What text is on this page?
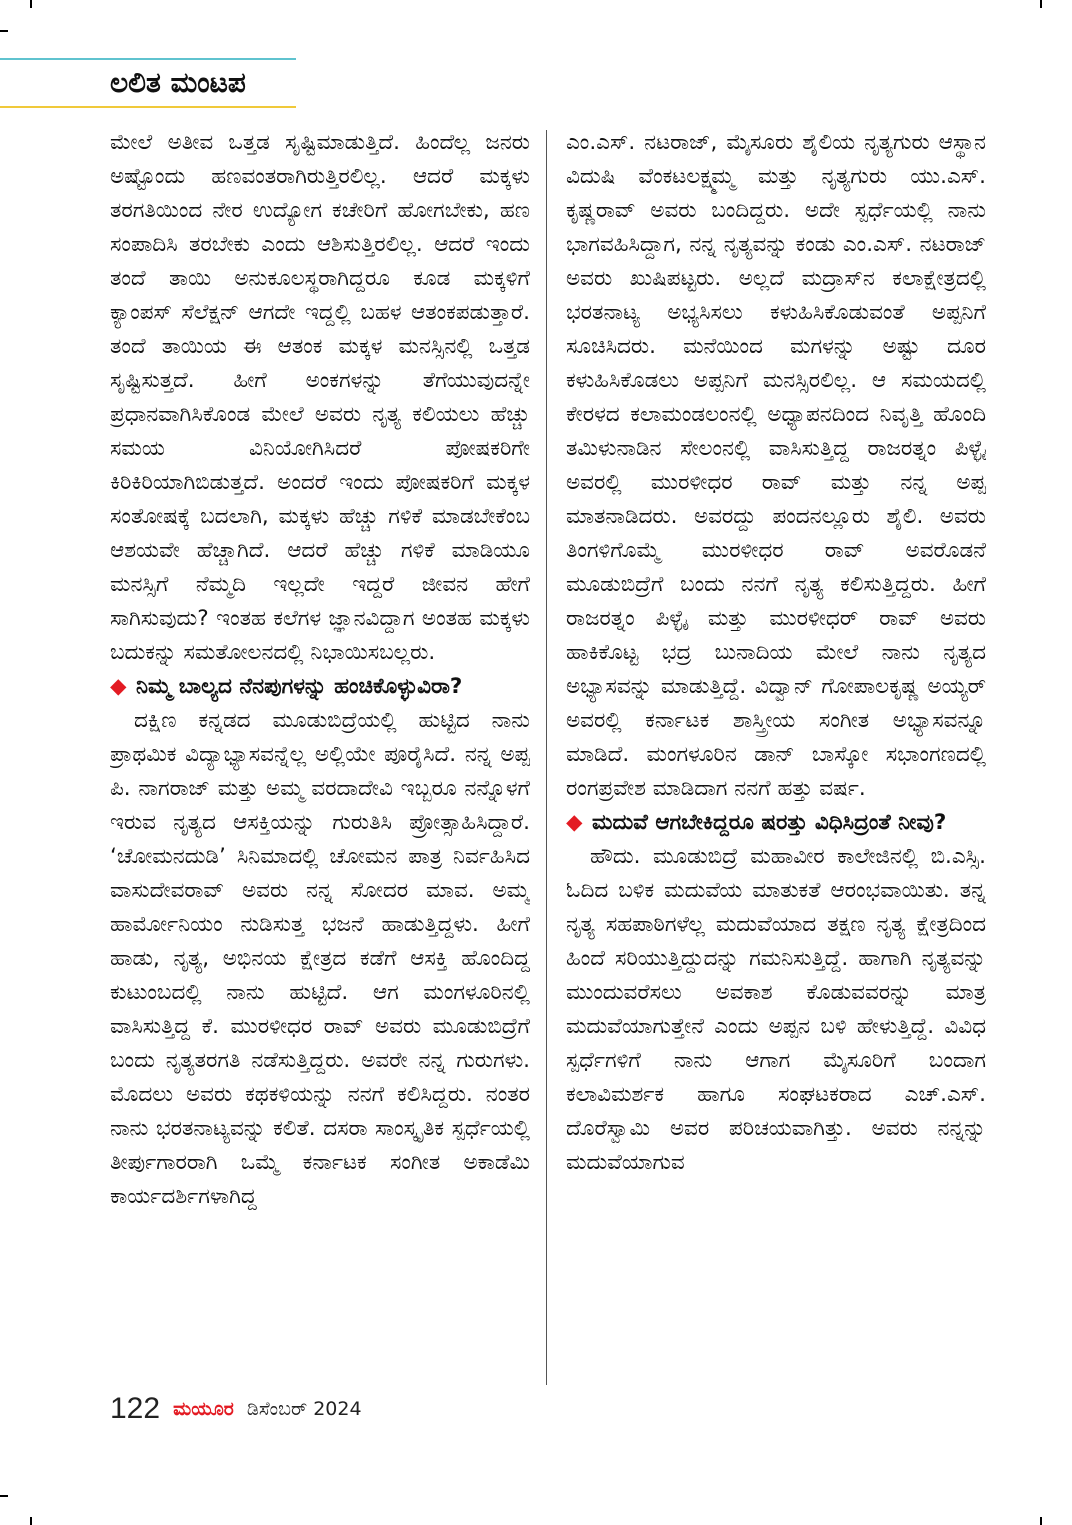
ಲಲಿತ ಮಂಟಪ

ಮೇಲೆ ಅತೀವ ಒತ್ತಡ ಸೃಷ್ಟಿಮಾಡುತ್ತಿದೆ. ಹಿಂದೆಲ್ಲ ಜನರು ಅಷ್ಟೊಂದು ಹಣವಂತರಾಗಿರುತ್ತಿರಲಿಲ್ಲ. ಆದರೆ ಮಕ್ಕಳು ತರಗತಿಯಿಂದ ನೇರ ಉದ್ಯೋಗ ಕಚೇರಿಗೆ ಹೋಗಬೇಕು, ಹಣ ಸಂಪಾದಿಸಿ ತರಬೇಕು ಎಂದು ಆಶಿಸುತ್ತಿರಲಿಲ್ಲ. ಆದರೆ ಇಂದು ತಂದೆ ತಾಯಿ ಅನುಕೂಲಸ್ಥರಾಗಿದ್ದರೂ ಕೂಡ ಮಕ್ಕಳಿಗೆ ಕ್ಯಾಂಪಸ್ ಸೆಲೆಕ್ಷನ್ ಆಗದೇ ಇದ್ದಲ್ಲಿ ಬಹಳ ಆತಂಕಪಡುತ್ತಾರೆ. ತಂದೆ ತಾಯಿಯ ಈ ಆತಂಕ ಮಕ್ಕಳ ಮನಸ್ಸಿನಲ್ಲಿ ಒತ್ತಡ ಸೃಷ್ಟಿಸುತ್ತದೆ. ಹೀಗೆ ಅಂಕಗಳನ್ನು ತೆಗೆಯುವುದನ್ನೇ ಪ್ರಧಾನವಾಗಿಸಿಕೊಂಡ ಮೇಲೆ ಅವರು ನೃತ್ಯ ಕಲಿಯಲು ಹೆಚ್ಚು ಸಮಯ ವಿನಿಯೋಗಿಸಿದರೆ ಪೋಷಕರಿಗೇ ಕಿರಿಕಿರಿಯಾಗಿಬಿಡುತ್ತದೆ. ಅಂದರೆ ಇಂದು ಪೋಷಕರಿಗೆ ಮಕ್ಕಳ ಸಂತೋಷಕ್ಕೆ ಬದಲಾಗಿ, ಮಕ್ಕಳು ಹೆಚ್ಚು ಗಳಿಕೆ ಮಾಡಬೇಕೆಂಬ ಆಶಯವೇ ಹೆಚ್ಚಾಗಿದೆ. ಆದರೆ ಹೆಚ್ಚು ಗಳಿಕೆ ಮಾಡಿಯೂ ಮನಸ್ಸಿಗೆ ನೆಮ್ಮದಿ ಇಲ್ಲದೇ ಇದ್ದರೆ ಜೀವನ ಹೇಗೆ ಸಾಗಿಸುವುದು? ಇಂತಹ ಕಲೆಗಳ ಜ್ಞಾನವಿದ್ದಾಗ ಅಂತಹ ಮಕ್ಕಳು ಬದುಕನ್ನು ಸಮತೋಲನದಲ್ಲಿ ನಿಭಾಯಿಸಬಲ್ಲರು.

◆ ನಿಮ್ಮ ಬಾಲ್ಯದ ನೆನಪುಗಳನ್ನು ಹಂಚಿಕೊಳ್ಳುವಿರಾ?

ದಕ್ಷಿಣ ಕನ್ನಡದ ಮೂಡುಬಿದ್ರೆಯಲ್ಲಿ ಹುಟ್ಟಿದ ನಾನು ಪ್ರಾಥಮಿಕ ವಿದ್ಯಾಭ್ಯಾಸವನ್ನೆಲ್ಲ ಅಲ್ಲಿಯೇ ಪೂರೈಸಿದೆ. ನನ್ನ ಅಪ್ಪ ಪಿ. ನಾಗರಾಜ್ ಮತ್ತು ಅಮ್ಮ ವರದಾದೇವಿ ಇಬ್ಬರೂ ನನ್ನೊಳಗೆ ಇರುವ ನೃತ್ಯದ ಆಸಕ್ತಿಯನ್ನು ಗುರುತಿಸಿ ಪ್ರೋತ್ಸಾಹಿಸಿದ್ದಾರೆ. ‘ಚೋಮನದುಡಿ’ ಸಿನಿಮಾದಲ್ಲಿ ಚೋಮನ ಪಾತ್ರ ನಿರ್ವಹಿಸಿದ ವಾಸುದೇವರಾವ್ ಅವರು ನನ್ನ ಸೋದರ ಮಾವ. ಅಮ್ಮ ಹಾರ್ಮೋನಿಯಂ ನುಡಿಸುತ್ತ ಭಜನೆ ಹಾಡುತ್ತಿದ್ದಳು. ಹೀಗೆ ಹಾಡು, ನೃತ್ಯ, ಅಭಿನಯ ಕ್ಷೇತ್ರದ ಕಡೆಗೆ ಆಸಕ್ತಿ ಹೊಂದಿದ್ದ ಕುಟುಂಬದಲ್ಲಿ ನಾನು ಹುಟ್ಟಿದೆ. ಆಗ ಮಂಗಳೂರಿನಲ್ಲಿ ವಾಸಿಸುತ್ತಿದ್ದ ಕೆ. ಮುರಳೀಧರ ರಾವ್ ಅವರು ಮೂಡುಬಿದ್ರೆಗೆ ಬಂದು ನೃತ್ಯತರಗತಿ ನಡೆಸುತ್ತಿದ್ದರು. ಅವರೇ ನನ್ನ ಗುರುಗಳು. ಮೊದಲು ಅವರು ಕಥಕಳಿಯನ್ನು ನನಗೆ ಕಲಿಸಿದ್ದರು. ನಂತರ ನಾನು ಭರತನಾಟ್ಯವನ್ನು ಕಲಿತೆ. ದಸರಾ ಸಾಂಸ್ಕೃತಿಕ ಸ್ಪರ್ಧೆಯಲ್ಲಿ ತೀರ್ಪುಗಾರರಾಗಿ ಒಮ್ಮೆ ಕರ್ನಾಟಕ ಸಂಗೀತ ಅಕಾಡೆಮಿ ಕಾರ್ಯದರ್ಶಿಗಳಾಗಿದ್ದ

ಎಂ.ಎಸ್. ನಟರಾಜ್, ಮೈಸೂರು ಶೈಲಿಯ ನೃತ್ಯಗುರು ಆಸ್ಥಾನ ವಿದುಷಿ ವೆಂಕಟಲಕ್ಷ್ಮಮ್ಮ ಮತ್ತು ನೃತ್ಯಗುರು ಯು.ಎಸ್. ಕೃಷ್ಣರಾವ್ ಅವರು ಬಂದಿದ್ದರು. ಅದೇ ಸ್ಪರ್ಧೆಯಲ್ಲಿ ನಾನು ಭಾಗವಹಿಸಿದ್ದಾಗ, ನನ್ನ ನೃತ್ಯವನ್ನು ಕಂಡು ಎಂ.ಎಸ್. ನಟರಾಜ್ ಅವರು ಖುಷಿಪಟ್ಟರು. ಅಲ್ಲದೆ ಮದ್ರಾಸ್‌ನ ಕಲಾಕ್ಷೇತ್ರದಲ್ಲಿ ಭರತನಾಟ್ಯ ಅಭ್ಯಸಿಸಲು ಕಳುಹಿಸಿಕೊಡುವಂತೆ ಅಪ್ಪನಿಗೆ ಸೂಚಿಸಿದರು. ಮನೆಯಿಂದ ಮಗಳನ್ನು ಅಷ್ಟು ದೂರ ಕಳುಹಿಸಿಕೊಡಲು ಅಪ್ಪನಿಗೆ ಮನಸ್ಸಿರಲಿಲ್ಲ. ಆ ಸಮಯದಲ್ಲಿ ಕೇರಳದ ಕಲಾಮಂಡಲಂನಲ್ಲಿ ಅಧ್ಯಾಪನದಿಂದ ನಿವೃತ್ತಿ ಹೊಂದಿ ತಮಿಳುನಾಡಿನ ಸೇಲಂನಲ್ಲಿ ವಾಸಿಸುತ್ತಿದ್ದ ರಾಜರತ್ನಂ ಪಿಳ್ಳೈ ಅವರಲ್ಲಿ ಮುರಳೀಧರ ರಾವ್ ಮತ್ತು ನನ್ನ ಅಪ್ಪ ಮಾತನಾಡಿದರು. ಅವರದ್ದು ಪಂದನಲ್ಲೂರು ಶೈಲಿ. ಅವರು ತಿಂಗಳಿಗೊಮ್ಮೆ ಮುರಳೀಧರ ರಾವ್ ಅವರೊಡನೆ ಮೂಡುಬಿದ್ರೆಗೆ ಬಂದು ನನಗೆ ನೃತ್ಯ ಕಲಿಸುತ್ತಿದ್ದರು. ಹೀಗೆ ರಾಜರತ್ನಂ ಪಿಳ್ಳೈ ಮತ್ತು ಮುರಳೀಧರ್ ರಾವ್ ಅವರು ಹಾಕಿಕೊಟ್ಟ ಭದ್ರ ಬುನಾದಿಯ ಮೇಲೆ ನಾನು ನೃತ್ಯದ ಅಭ್ಯಾಸವನ್ನು ಮಾಡುತ್ತಿದ್ದೆ. ವಿದ್ವಾನ್ ಗೋಪಾಲಕೃಷ್ಣ ಅಯ್ಯರ್ ಅವರಲ್ಲಿ ಕರ್ನಾಟಕ ಶಾಸ್ತ್ರೀಯ ಸಂಗೀತ ಅಭ್ಯಾಸವನ್ನೂ ಮಾಡಿದೆ. ಮಂಗಳೂರಿನ ಡಾನ್ ಬಾಸ್ಕೋ ಸಭಾಂಗಣದಲ್ಲಿ ರಂಗಪ್ರವೇಶ ಮಾಡಿದಾಗ ನನಗೆ ಹತ್ತು ವರ್ಷ.

◆ ಮದುವೆ ಆಗಬೇಕಿದ್ದರೂ ಷರತ್ತು ವಿಧಿಸಿದ್ರಂತೆ ನೀವು?

ಹೌದು. ಮೂಡುಬಿದ್ರೆ ಮಹಾವೀರ ಕಾಲೇಜಿನಲ್ಲಿ ಬಿ.ಎಸ್ಸಿ. ಓದಿದ ಬಳಿಕ ಮದುವೆಯ ಮಾತುಕತೆ ಆರಂಭವಾಯಿತು. ತನ್ನ ನೃತ್ಯ ಸಹಪಾಠಿಗಳೆಲ್ಲ ಮದುವೆಯಾದ ತಕ್ಷಣ ನೃತ್ಯ ಕ್ಷೇತ್ರದಿಂದ ಹಿಂದೆ ಸರಿಯುತ್ತಿದ್ದುದನ್ನು ಗಮನಿಸುತ್ತಿದ್ದೆ. ಹಾಗಾಗಿ ನೃತ್ಯವನ್ನು ಮುಂದುವರೆಸಲು ಅವಕಾಶ ಕೊಡುವವರನ್ನು ಮಾತ್ರ ಮದುವೆಯಾಗುತ್ತೇನೆ ಎಂದು ಅಪ್ಪನ ಬಳಿ ಹೇಳುತ್ತಿದ್ದೆ. ವಿವಿಧ ಸ್ಪರ್ಧೆಗಳಿಗೆ ನಾನು ಆಗಾಗ ಮೈಸೂರಿಗೆ ಬಂದಾಗ ಕಲಾವಿಮರ್ಶಕ ಹಾಗೂ ಸಂಘಟಕರಾದ ಎಚ್.ಎಸ್. ದೊರೆಸ್ವಾಮಿ ಅವರ ಪರಿಚಯವಾಗಿತ್ತು. ಅವರು ನನ್ನನ್ನು ಮದುವೆಯಾಗುವ

122 ಮಯೂರ ಡಿಸೆಂಬರ್ 2024
